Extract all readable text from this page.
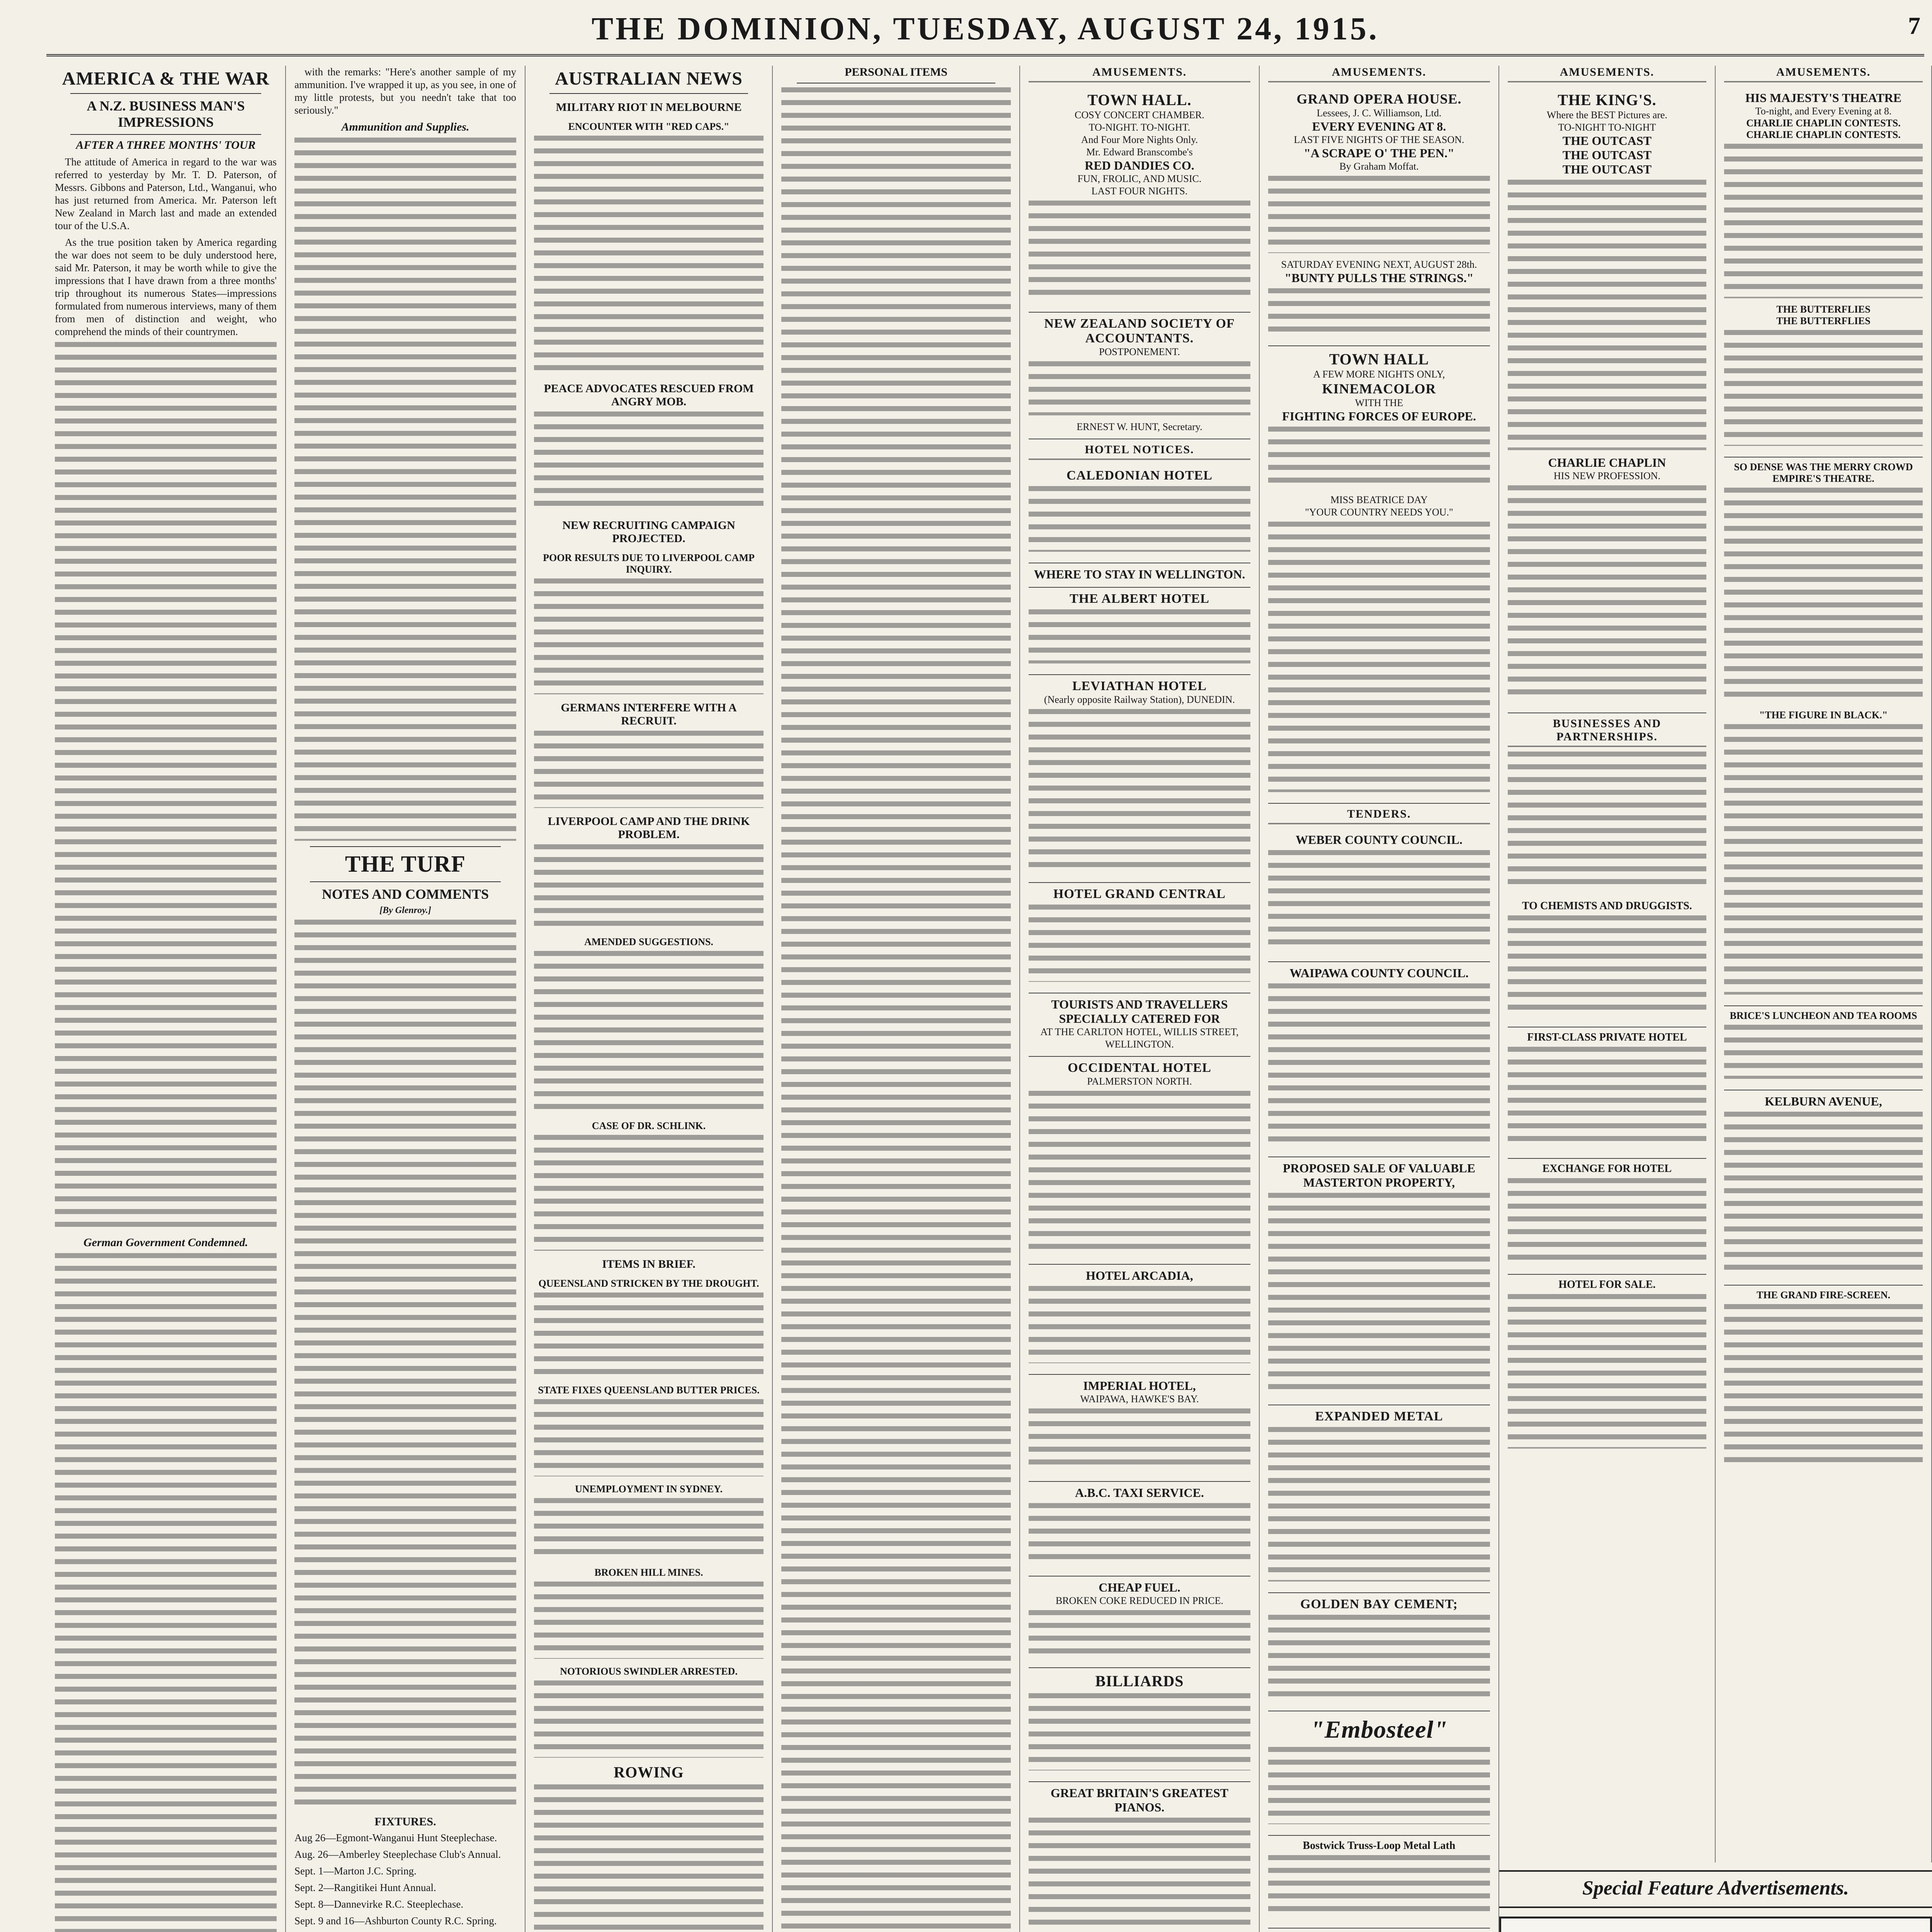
THE DOMINION, TUESDAY, AUGUST 24, 1915.	7
AMERICA & THE WAR
A N.Z. BUSINESS MAN'S IMPRESSIONS
AFTER A THREE MONTHS' TOUR

The attitude of America in regard to the war was referred to yesterday by Mr. T. D. Paterson, of Messrs. Gibbons and Paterson, Ltd., Wanganui, who has just returned from America. Mr. Paterson left New Zealand in March last and made an extended tour of the U.S.A.

As the true position taken by America regarding the war does not seem to be duly understood here, said Mr. Paterson, it may be worth while to give the impressions that I have drawn from a three months' trip throughout its numerous States—impressions formulated from numerous interviews, many of them from men of distinction and weight, who comprehend the minds of their countrymen.

German Government Condemned.

with the remarks: "Here's another sample of my ammunition. I've wrapped it up, as you see, in one of my little protests, but you needn't take that too seriously."

Ammunition and Supplies.
THE TURF
NOTES AND COMMENTS
[By Glenroy.]
FIXTURES.

Aug 26—Egmont-Wanganui Hunt Steeplechase.

Aug. 26—Amberley Steeplechase Club's Annual.

Sept. 1—Marton J.C. Spring.

Sept. 2—Rangitikei Hunt Annual.

Sept. 8—Dannevirke R.C. Steeplechase.

Sept. 9 and 16—Ashburton County R.C. Spring.

AUSTRALIAN NEWS
MILITARY RIOT IN MELBOURNE
ENCOUNTER WITH "RED CAPS."
PEACE ADVOCATES RESCUED FROM ANGRY MOB.
NEW RECRUITING CAMPAIGN PROJECTED.
POOR RESULTS DUE TO LIVERPOOL CAMP INQUIRY.
GERMANS INTERFERE WITH A RECRUIT.
LIVERPOOL CAMP AND THE DRINK PROBLEM.
AMENDED SUGGESTIONS.
CASE OF DR. SCHLINK.
ITEMS IN BRIEF.
QUEENSLAND STRICKEN BY THE DROUGHT.
STATE FIXES QUEENSLAND BUTTER PRICES.
UNEMPLOYMENT IN SYDNEY.
BROKEN HILL MINES.
NOTORIOUS SWINDLER ARRESTED.
ROWING
PERSONAL ITEMS	AMUSEMENTS.
TOWN HALL.
COSY CONCERT CHAMBER.
TO-NIGHT. TO-NIGHT.
And Four More Nights Only.
Mr. Edward Branscombe's
RED DANDIES CO.
FUN, FROLIC, AND MUSIC.
LAST FOUR NIGHTS.
NEW ZEALAND SOCIETY OF ACCOUNTANTS.
POSTPONEMENT.
ERNEST W. HUNT, Secretary.
HOTEL NOTICES.
CALEDONIAN HOTEL
WHERE TO STAY IN WELLINGTON.
THE ALBERT HOTEL
LEVIATHAN HOTEL
(Nearly opposite Railway Station), DUNEDIN.
HOTEL GRAND CENTRAL
TOURISTS AND TRAVELLERS SPECIALLY CATERED FOR
AT THE CARLTON HOTEL, WILLIS STREET, WELLINGTON.
OCCIDENTAL HOTEL
PALMERSTON NORTH.
HOTEL ARCADIA,
IMPERIAL HOTEL,
WAIPAWA, HAWKE'S BAY.
A.B.C. TAXI SERVICE.
CHEAP FUEL.
BROKEN COKE REDUCED IN PRICE.
BILLIARDS
GREAT BRITAIN'S GREATEST PIANOS.
AMUSEMENTS.
GRAND OPERA HOUSE.
Lessees, J. C. Williamson, Ltd.
EVERY EVENING AT 8.
LAST FIVE NIGHTS OF THE SEASON.
"A SCRAPE O' THE PEN."
By Graham Moffat.
SATURDAY EVENING NEXT, AUGUST 28th.
"BUNTY PULLS THE STRINGS."
TOWN HALL
A FEW MORE NIGHTS ONLY,
KINEMACOLOR
WITH THE
FIGHTING FORCES OF EUROPE.
MISS BEATRICE DAY
"YOUR COUNTRY NEEDS YOU."
TENDERS.
WEBER COUNTY COUNCIL.
WAIPAWA COUNTY COUNCIL.
PROPOSED SALE OF VALUABLE MASTERTON PROPERTY,
EXPANDED METAL
GOLDEN BAY CEMENT;
"Embosteel"
Bostwick Truss-Loop Metal Lath
AMUSEMENTS.
THE KING'S.
Where the BEST Pictures are.
TO-NIGHT TO-NIGHT
THE OUTCAST
THE OUTCAST
THE OUTCAST
CHARLIE CHAPLIN
HIS NEW PROFESSION.
BUSINESSES AND PARTNERSHIPS.
TO CHEMISTS AND DRUGGISTS.
FIRST-CLASS PRIVATE HOTEL
EXCHANGE FOR HOTEL
HOTEL FOR SALE.
AMUSEMENTS.
HIS MAJESTY'S THEATRE
To-night, and Every Evening at 8.
CHARLIE CHAPLIN CONTESTS.
CHARLIE CHAPLIN CONTESTS.
THE BUTTERFLIES
THE BUTTERFLIES
SO DENSE WAS THE MERRY CROWD EMPIRE'S THEATRE.
"THE FIGURE IN BLACK."
BRICE'S LUNCHEON AND TEA ROOMS
KELBURN AVENUE,
THE GRAND FIRE-SCREEN.
Special Feature Advertisements.
